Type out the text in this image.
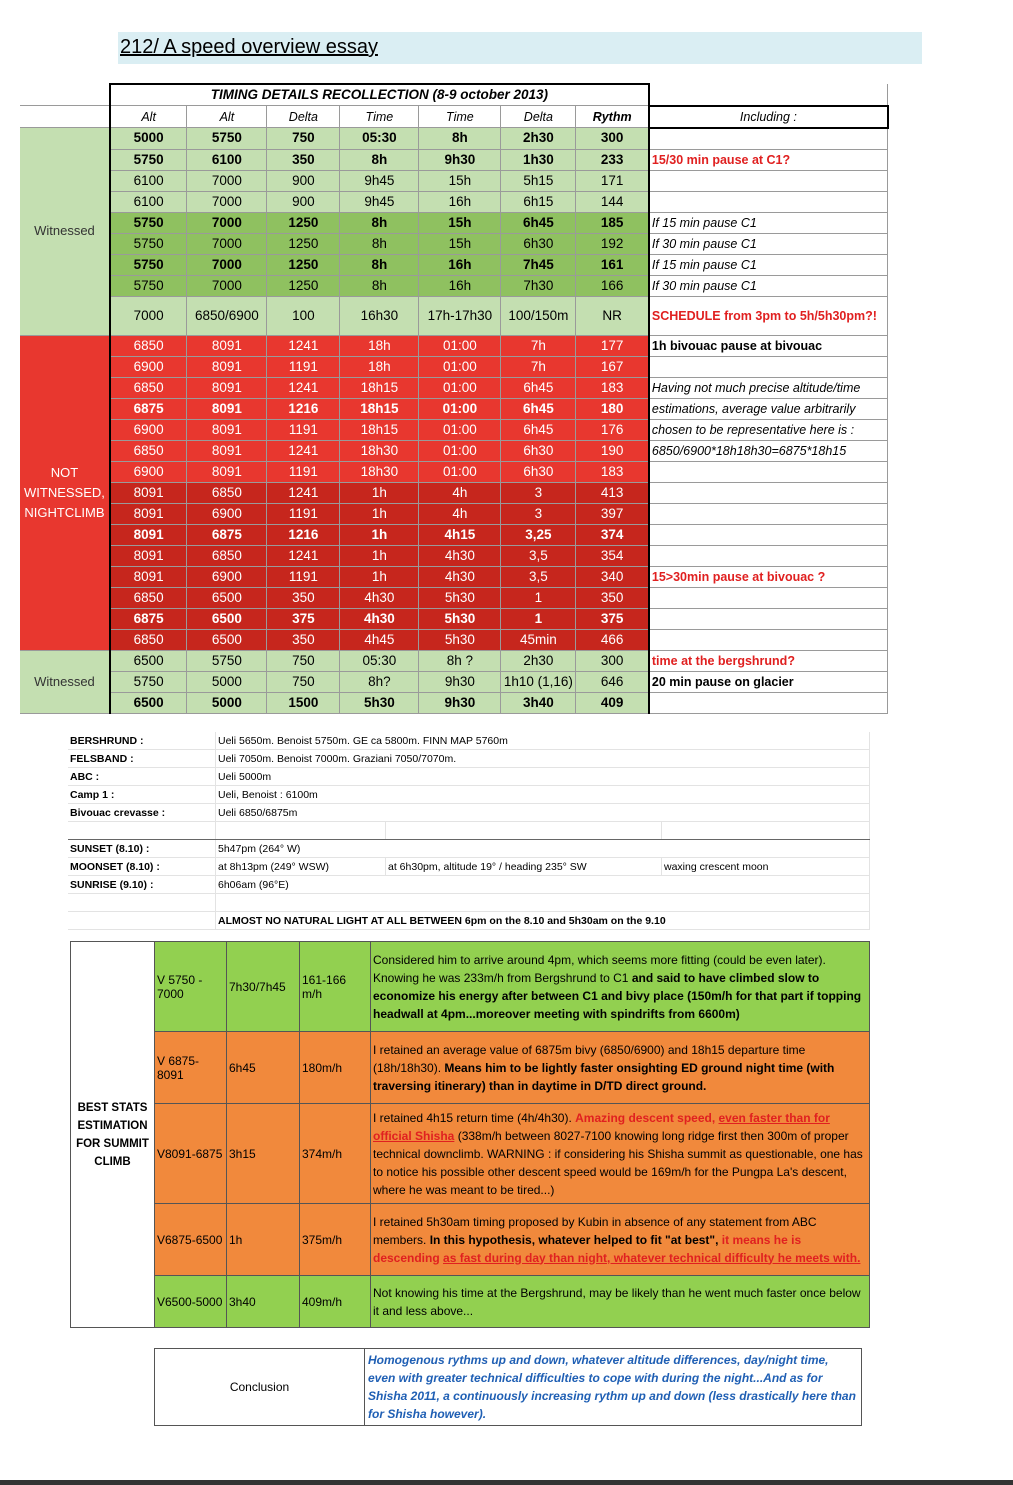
212/ A speed overview essay
	TIMING DETAILS RECOLLECTION (8-9 october 2013)							
	Alt	Alt	Delta	Time	Time	Delta	Rythm	Including :
Witnessed	5000	5750	750	05:30	8h	2h30	300	
	5750	6100	350	8h	9h30	1h30	233	15/30 min pause at C1?
	6100	7000	900	9h45	15h	5h15	171	
	6100	7000	900	9h45	16h	6h15	144	
	5750	7000	1250	8h	15h	6h45	185	If 15 min pause C1
	5750	7000	1250	8h	15h	6h30	192	If 30 min pause C1
	5750	7000	1250	8h	16h	7h45	161	If 15 min pause C1
	5750	7000	1250	8h	16h	7h30	166	If 30 min pause C1
	7000	6850/6900	100	16h30	17h-17h30	100/150m	NR	SCHEDULE from 3pm to 5h/5h30pm?!
NOT WITNESSED, NIGHTCLIMB	6850	8091	1241	18h	01:00	7h	177	1h bivouac pause at bivouac
	6900	8091	1191	18h	01:00	7h	167	
	6850	8091	1241	18h15	01:00	6h45	183	Having not much precise altitude/time
	6875	8091	1216	18h15	01:00	6h45	180	estimations, average value arbitrarily
	6900	8091	1191	18h15	01:00	6h45	176	chosen to be representative here is :
	6850	8091	1241	18h30	01:00	6h30	190	6850/6900*18h18h30=6875*18h15
	6900	8091	1191	18h30	01:00	6h30	183	
	8091	6850	1241	1h	4h	3	413	
	8091	6900	1191	1h	4h	3	397	
	8091	6875	1216	1h	4h15	3,25	374	
	8091	6850	1241	1h	4h30	3,5	354	
	8091	6900	1191	1h	4h30	3,5	340	15>30min pause at bivouac ?
	6850	6500	350	4h30	5h30	1	350	
	6875	6500	375	4h30	5h30	1	375	
	6850	6500	350	4h45	5h30	45min	466	
Witnessed	6500	5750	750	05:30	8h ?	2h30	300	time at the bergshrund?
	5750	5000	750	8h?	9h30	1h10 (1,16)	646	20 min pause on glacier
	6500	5000	1500	5h30	9h30	3h40	409	
BERSHRUND :	Ueli 5650m. Benoist 5750m. GE ca 5800m. FINN MAP 5760m		
FELSBAND :	Ueli 7050m. Benoist 7000m. Graziani 7050/7070m.		
ABC :	Ueli 5000m		
Camp 1 :	Ueli, Benoist : 6100m		
Bivouac crevasse :	Ueli 6850/6875m		

SUNSET (8.10) :	5h47pm (264° W)		
MOONSET (8.10) :	at 8h13pm (249° WSW)	at 6h30pm, altitude 19° / heading 235° SW	waxing crescent moon
SUNRISE (9.10) :	6h06am (96°E)		

	ALMOST NO NATURAL LIGHT AT ALL BETWEEN 6pm on the 8.10 and 5h30am on the 9.10		
BEST STATS ESTIMATION FOR SUMMIT CLIMB	V 5750 - 7000	7h30/7h45	161-166 m/h	Considered him to arrive around 4pm, which seems more fitting (could be even later). Knowing he was 233m/h from Bergshrund to C1 and said to have climbed slow to economize his energy after between C1 and bivy place (150m/h for that part if topping headwall at 4pm...moreover meeting with spindrifts from 6600m)
	V 6875-8091	6h45	180m/h	I retained an average value of 6875m bivy (6850/6900) and 18h15 departure time (18h/18h30). Means him to be lightly faster onsighting ED ground night time (with traversing itinerary) than in daytime in D/TD direct ground.
	V8091-6875	3h15	374m/h	I retained 4h15 return time (4h/4h30). Amazing descent speed, even faster than for official Shisha (338m/h between 8027-7100 knowing long ridge first then 300m of proper technical downclimb. WARNING : if considering his Shisha summit as questionable, one has to notice his possible other descent speed would be 169m/h for the Pungpa La's descent, where he was meant to be tired...)
	V6875-6500	1h	375m/h	I retained 5h30am timing proposed by Kubin in absence of any statement from ABC members. In this hypothesis, whatever helped to fit "at best", it means he is descending as fast during day than night, whatever technical difficulty he meets with.
	V6500-5000	3h40	409m/h	Not knowing his time at the Bergshrund, may be likely than he went much faster once below it and less above...
Conclusion	Homogenous rythms up and down, whatever altitude differences, day/night time, even with greater technical difficulties to cope with during the night...And as for Shisha 2011, a continuously increasing rythm up and down (less drastically here than for Shisha however).
